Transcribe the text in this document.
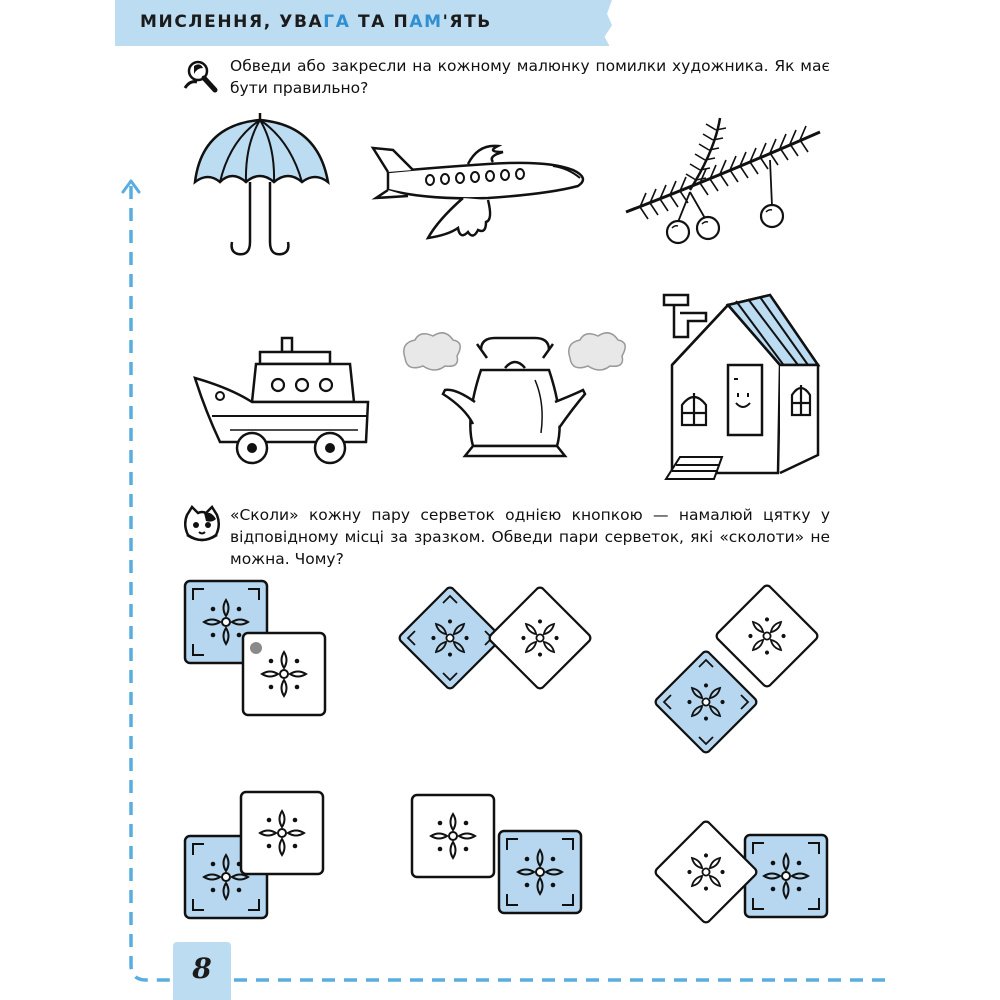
МИСЛЕННЯ, УВАГА ТА ПАМ'ЯТЬ
Обведи або закресли на кожному малюнку помилки художника. Як має бути правильно?
«Сколи» кожну пару серветок однією кнопкою — намалюй цятку у відповідному місці за зразком. Обведи пари серветок, які «сколоти» не можна. Чому?
8
